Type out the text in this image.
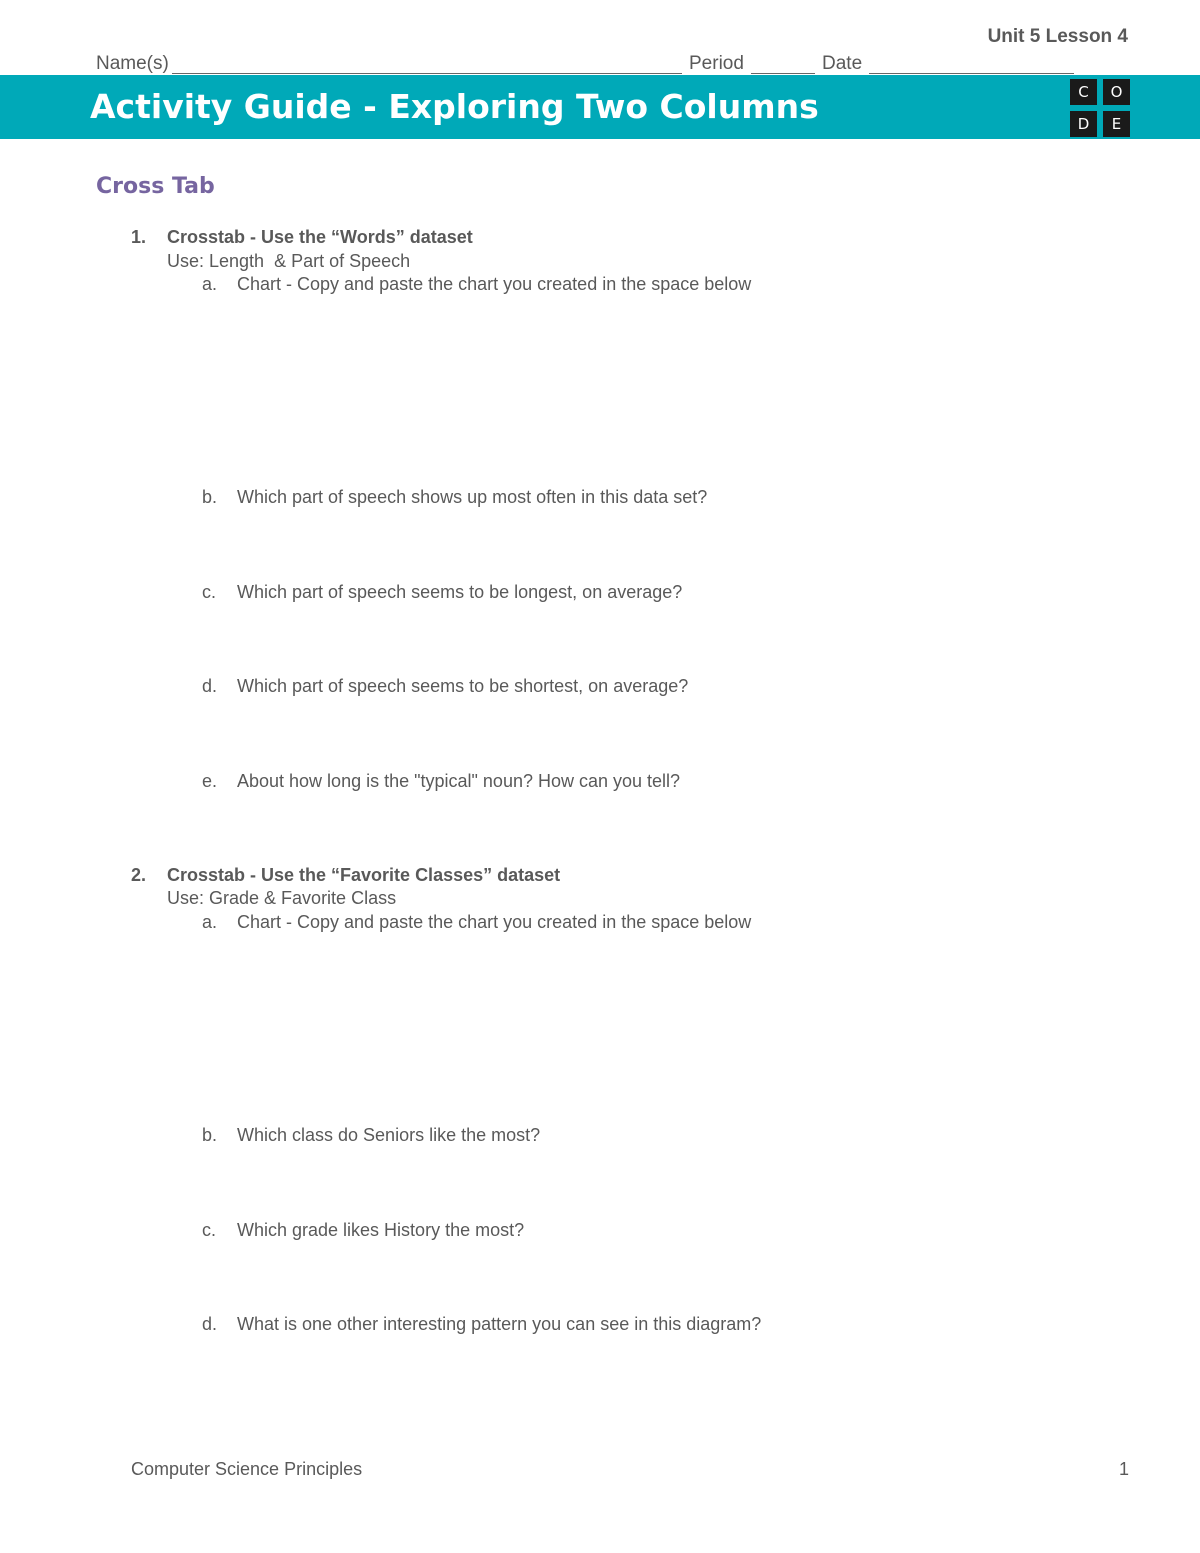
Unit 5 Lesson 4
Name(s)	Period	Date
Activity Guide - Exploring Two Columns	C	O
D	E
Cross Tab
1. Crosstab - Use the “Words” dataset
Use: Length  & Part of Speech
a. Chart - Copy and paste the chart you created in the space below
b. Which part of speech shows up most often in this data set?
c. Which part of speech seems to be longest, on average?
d. Which part of speech seems to be shortest, on average?
e. About how long is the "typical" noun? How can you tell?
2. Crosstab - Use the “Favorite Classes” dataset
Use: Grade & Favorite Class
a. Chart - Copy and paste the chart you created in the space below
b. Which class do Seniors like the most?
c. Which grade likes History the most?
d. What is one other interesting pattern you can see in this diagram?
Computer Science Principles	1
